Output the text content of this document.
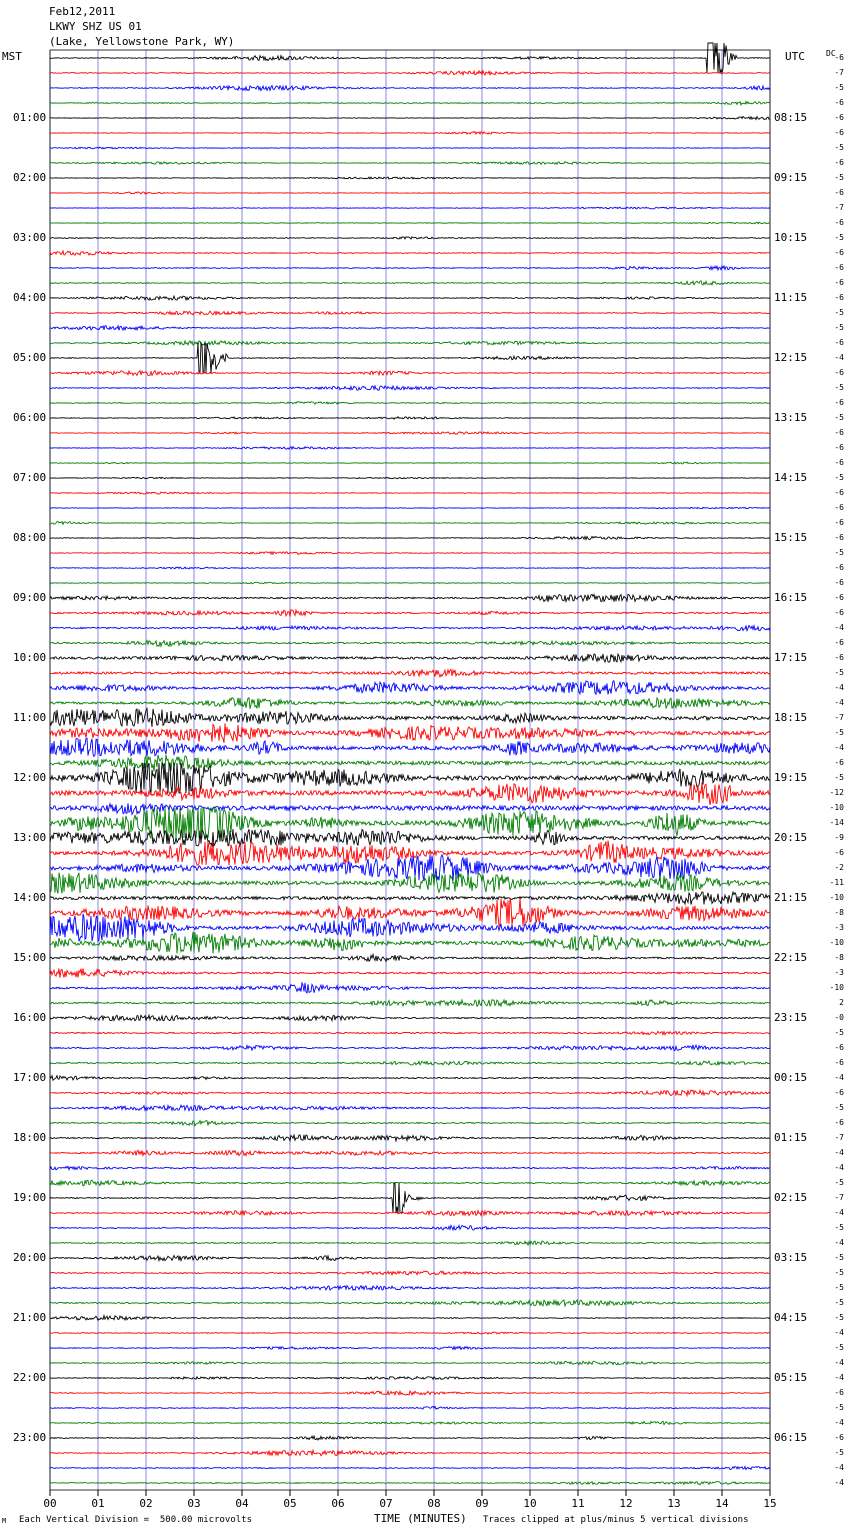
00	01	02	03	04	05	06	07	08	09	10	11	12	13	14	15
Feb12,2011
LKWY SHZ US 01
(Lake, Yellowstone Park, WY)
MST	UTC	DC
01:00
02:00
03:00
04:00
05:00
06:00
07:00
08:00
09:00
10:00
11:00
12:00
13:00
14:00
15:00
16:00
17:00
18:00
19:00
20:00
21:00
22:00
23:00
08:15
09:15
10:15
11:15
12:15
13:15
14:15
15:15
16:15
17:15
18:15
19:15
20:15
21:15
22:15
23:15
00:15
01:15
02:15
03:15
04:15
05:15
06:15
-6
-7
-5
-6
-6
-6
-5
-6
-5
-6
-7
-6
-5
-6
-6
-6
-6
-5
-5
-6
-4
-6
-5
-6
-5
-6
-6
-6
-5
-6
-6
-6
-6
-5
-6
-6
-6
-6
-4
-6
-6
-5
-4
-4
-7
-5
-4
-6
-5
-12
-10
-14
-9
-6
-2
-11
-10
-8
-3
-10
-8
-3
-10
2
-0
-5
-6
-6
-4
-6
-5
-6
-7
-4
-4
-5
-7
-4
-5
-4
-5
-5
-5
-5
-5
-4
-5
-4
-4
-6
-5
-4
-6
-5
-4
-4
M Each Vertical Division =  500.00 microvolts	TIME (MINUTES) Traces clipped at plus/minus 5 vertical divisions
